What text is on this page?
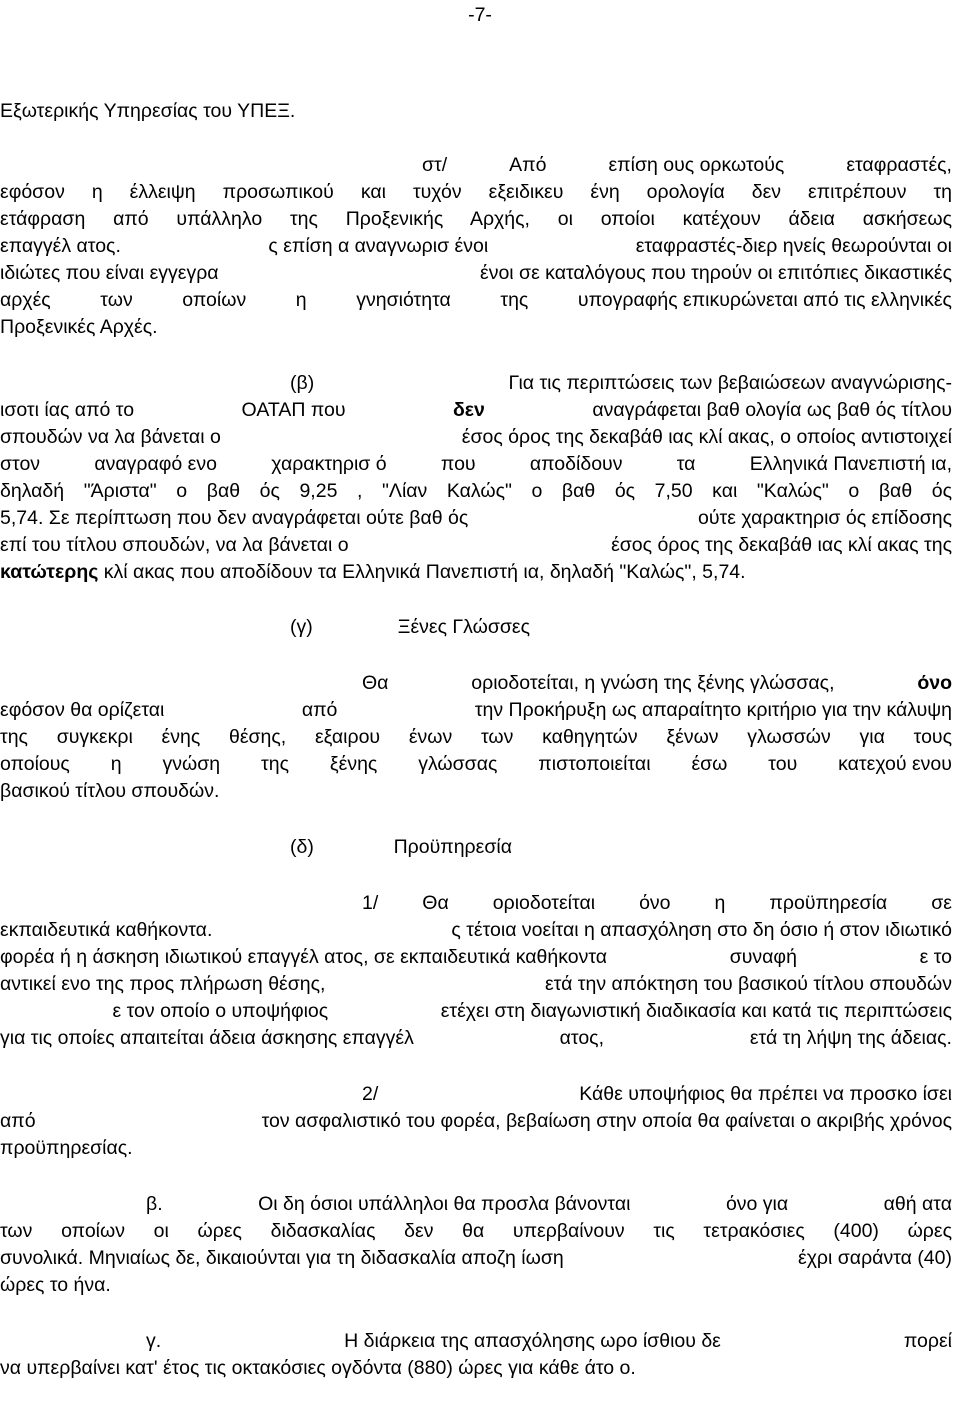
-7-
Εξωτερικής Υπηρεσίας του ΥΠΕΞ.
στ/	Από	επίση ους ορκωτούς	εταφραστές,
εφόσον η έλλειψη προσωπικού και τυχόν εξειδικευ ένη ορολογία δεν επιτρέπουν τη
ετάφραση από υπάλληλο της Προξενικής Αρχής, οι οποίοι κατέχουν άδεια ασκήσεως
επαγγέλ ατος.	ς επίση α αναγνωρισ ένοι	εταφραστές-διερ ηνείς θεωρούνται οι
ιδιώτες που είναι εγγεγρα	ένοι σε καταλόγους που τηρούν οι επιτόπιες δικαστικές
αρχές	των	οποίων	η	γνησιότητα	της	υπογραφής επικυρώνεται από τις ελληνικές
Προξενικές Αρχές.
(β)	Για τις περιπτώσεις των βεβαιώσεων αναγνώρισης-
ισοτι ίας από το	ΟΑΤΑΠ που	δεν	αναγράφεται βαθ ολογία ως βαθ ός τίτλου
σπουδών να λα βάνεται ο	έσος όρος της δεκαβάθ ιας κλί ακας, ο οποίος αντιστοιχεί
στον	αναγραφό ενο	χαρακτηρισ ό	που	αποδίδουν	τα	Ελληνικά Πανεπιστή ια,
δηλαδή "Άριστα" ο βαθ ός 9,25 , "Λίαν Καλώς" ο βαθ ός 7,50 και "Καλώς" ο βαθ ός
5,74. Σε περίπτωση που δεν αναγράφεται ούτε βαθ ός	ούτε χαρακτηρισ ός επίδοσης
επί του τίτλου σπουδών, να λα βάνεται ο	έσος όρος της δεκαβάθ ιας κλί ακας της
κατώτερης κλί ακας που αποδίδουν τα Ελληνικά Πανεπιστή ια, δηλαδή "Καλώς", 5,74.
(γ)	Ξένες Γλώσσες
Θα	οριοδοτείται, η γνώση της ξένης γλώσσας,	όνο
εφόσον θα ορίζεται	από	την Προκήρυξη ως απαραίτητο κριτήριο για την κάλυψη
της συγκεκρι ένης θέσης, εξαιρου ένων των καθηγητών ξένων γλωσσών για τους
οποίους η γνώση της ξένης γλώσσας πιστοποιείται έσω του κατεχού ενου
βασικού τίτλου σπουδών.
(δ)	Προϋπηρεσία
1/ Θα οριοδοτείται όνο η προϋπηρεσία σε
εκπαιδευτικά καθήκοντα.	ς τέτοια νοείται η απασχόληση στο δη όσιο ή στον ιδιωτικό
φορέα ή η άσκηση ιδιωτικού επαγγέλ ατος, σε εκπαιδευτικά καθήκοντα	συναφή	ε το
αντικεί ενο της προς πλήρωση θέσης,	ετά την απόκτηση του βασικού τίτλου σπουδών
ε τον οποίο ο υποψήφιος	ετέχει στη διαγωνιστική διαδικασία και κατά τις περιπτώσεις
για τις οποίες απαιτείται άδεια άσκησης επαγγέλ	ατος,	ετά τη λήψη της άδειας.
2/	Κάθε υποψήφιος θα πρέπει να προσκο ίσει
από	τον ασφαλιστικό του φορέα, βεβαίωση στην οποία θα φαίνεται ο ακριβής χρόνος
προϋπηρεσίας.
β.	Οι δη όσιοι υπάλληλοι θα προσλα βάνονται	όνο για	αθή ατα
των οποίων οι ώρες διδασκαλίας δεν θα υπερβαίνουν τις τετρακόσιες (400) ώρες
συνολικά. Μηνιαίως δε, δικαιούνται για τη διδασκαλία αποζη ίωση	έχρι σαράντα (40)
ώρες το ήνα.
γ.	Η διάρκεια της απασχόλησης ωρο ίσθιου δε	πορεί
να υπερβαίνει κατ' έτος τις οκτακόσιες ογδόντα (880) ώρες για κάθε άτο ο.
